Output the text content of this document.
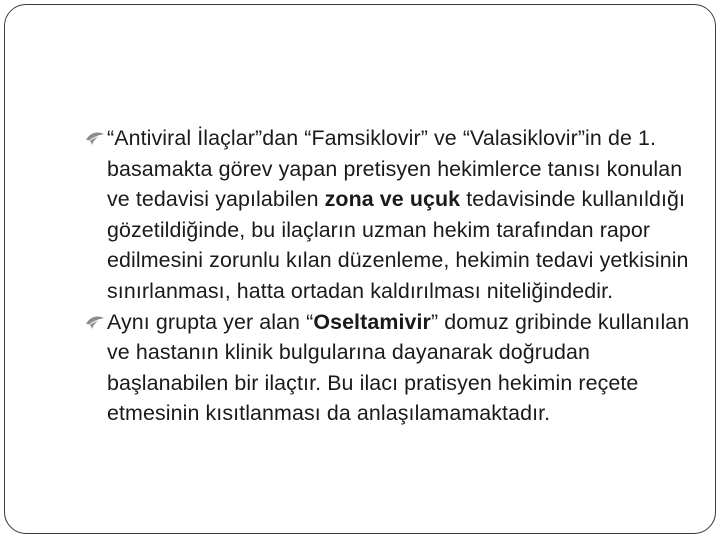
“Antiviral İlaçlar”dan “Famsiklovir” ve “Valasiklovir”in de 1. basamakta görev yapan pretisyen hekimlerce tanısı konulan ve tedavisi yapılabilen zona ve uçuk tedavisinde kullanıldığı gözetildiğinde, bu ilaçların uzman hekim tarafından rapor edilmesini zorunlu kılan düzenleme, hekimin tedavi yetkisinin sınırlanması, hatta ortadan kaldırılması niteliğindedir.
Aynı grupta yer alan “Oseltamivir” domuz gribinde kullanılan ve hastanın klinik bulgularına dayanarak doğrudan başlanabilen bir ilaçtır. Bu ilacı pratisyen hekimin reçete etmesinin kısıtlanması da anlaşılamamaktadır.
